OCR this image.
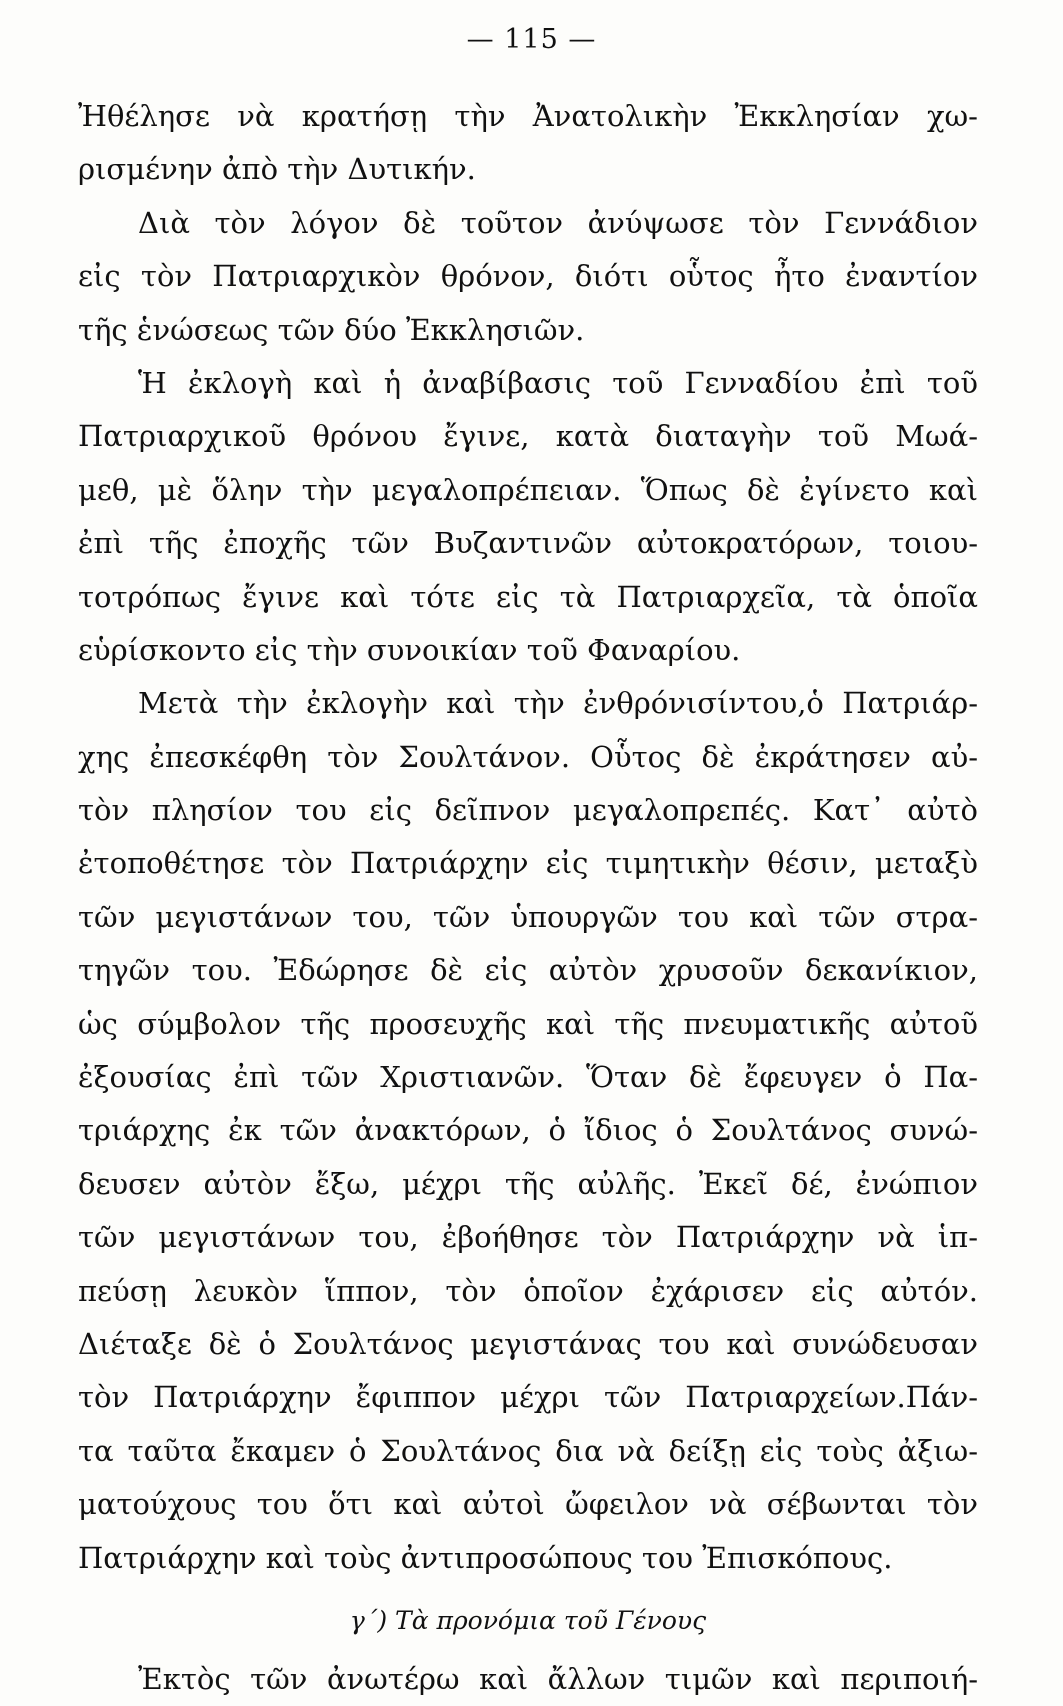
— 115 —
Ἠθέλησε νὰ κρατήσῃ τὴν Ἀνατολικὴν Ἐκκλησίαν χω-
ρισμένην ἀπὸ τὴν Δυτικήν.
Διὰ τὸν λόγον δὲ τοῦτον ἀνύψωσε τὸν Γεννάδιον
εἰς τὸν Πατριαρχικὸν θρόνον, διότι οὗτος ἦτο ἐναντίον
τῆς ἑνώσεως τῶν δύο Ἐκκλησιῶν.
Ἡ ἐκλογὴ καὶ ἡ ἀναβίβασις τοῦ Γενναδίου ἐπὶ τοῦ
Πατριαρχικοῦ θρόνου ἔγινε, κατὰ διαταγὴν τοῦ Μωά-
μεθ, μὲ ὅλην τὴν μεγαλοπρέπειαν. Ὅπως δὲ ἐγίνετο καὶ
ἐπὶ τῆς ἐποχῆς τῶν Βυζαντινῶν αὐτοκρατόρων, τοιου-
τοτρόπως ἔγινε καὶ τότε εἰς τὰ Πατριαρχεῖα, τὰ ὁποῖα
εὑρίσκοντο εἰς τὴν συνοικίαν τοῦ Φαναρίου.
Μετὰ τὴν ἐκλογὴν καὶ τὴν ἐνθρόνισίντου,ὁ Πατριάρ-
χης ἐπεσκέφθη τὸν Σουλτάνον. Οὗτος δὲ ἐκράτησεν αὐ-
τὸν πλησίον του εἰς δεῖπνον μεγαλοπρεπές. Κατ᾽ αὐτὸ
ἐτοποθέτησε τὸν Πατριάρχην εἰς τιμητικὴν θέσιν, μεταξὺ
τῶν μεγιστάνων του, τῶν ὑπουργῶν του καὶ τῶν στρα-
τηγῶν του. Ἐδώρησε δὲ εἰς αὐτὸν χρυσοῦν δεκανίκιον,
ὡς σύμβολον τῆς προσευχῆς καὶ τῆς πνευματικῆς αὐτοῦ
ἐξουσίας ἐπὶ τῶν Χριστιανῶν. Ὅταν δὲ ἔφευγεν ὁ Πα-
τριάρχης ἐκ τῶν ἀνακτόρων, ὁ ἴδιος ὁ Σουλτάνος συνώ-
δευσεν αὐτὸν ἔξω, μέχρι τῆς αὐλῆς. Ἐκεῖ δέ, ἐνώπιον
τῶν μεγιστάνων του, ἐβοήθησε τὸν Πατριάρχην νὰ ἱπ-
πεύσῃ λευκὸν ἵππον, τὸν ὁποῖον ἐχάρισεν εἰς αὐτόν.
Διέταξε δὲ ὁ Σουλτάνος μεγιστάνας του καὶ συνώδευσαν
τὸν Πατριάρχην ἔφιππον μέχρι τῶν Πατριαρχείων.Πάν-
τα ταῦτα ἔκαμεν ὁ Σουλτάνος δια νὰ δείξῃ εἰς τοὺς ἀξιω-
ματούχους του ὅτι καὶ αὐτοὶ ὤφειλον νὰ σέβωνται τὸν
Πατριάρχην καὶ τοὺς ἀντιπροσώπους του Ἐπισκόπους.
γ΄) Τὰ προνόμια τοῦ Γένους
Ἐκτὸς τῶν ἀνωτέρω καὶ ἄλλων τιμῶν καὶ περιποιή-
